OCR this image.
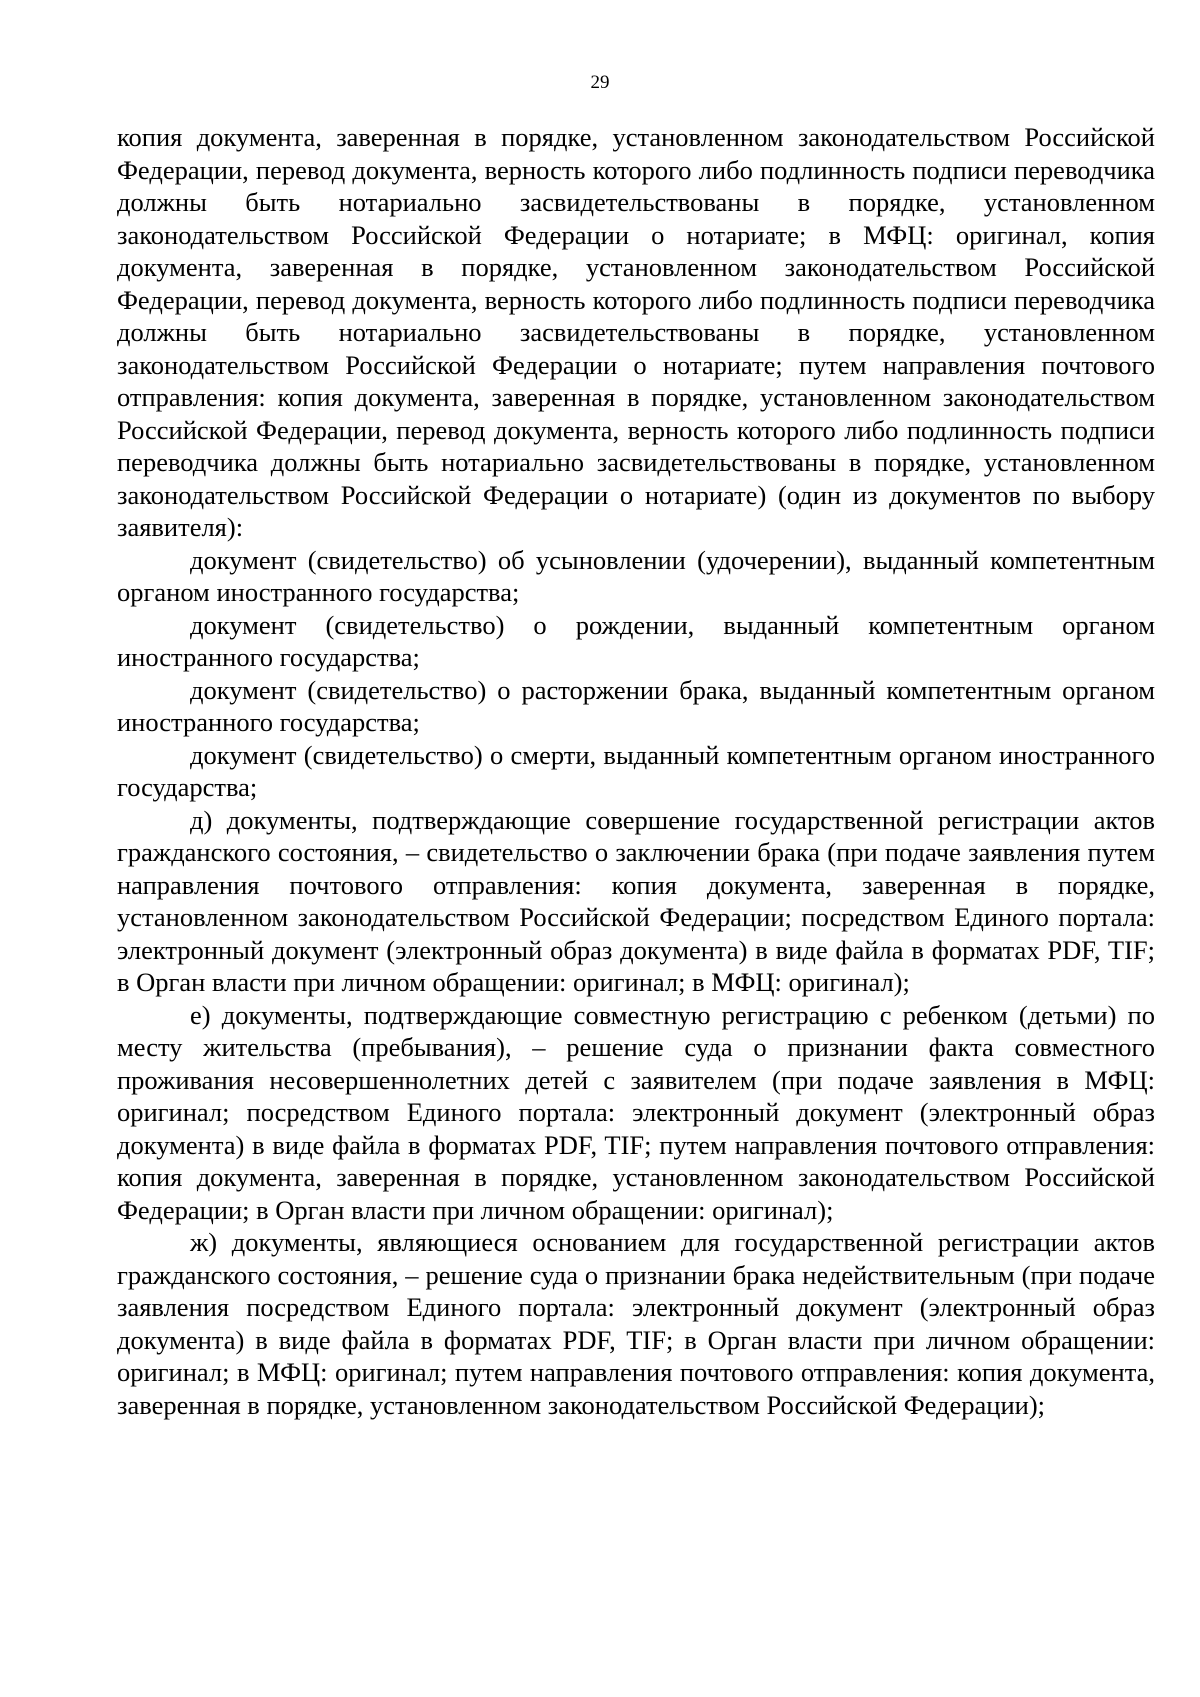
29

копия документа, заверенная в порядке, установленном законодательством Российской Федерации, перевод документа, верность которого либо подлинность подписи переводчика должны быть нотариально засвидетельствованы в порядке, установленном законодательством Российской Федерации о нотариате; в МФЦ: оригинал, копия документа, заверенная в порядке, установленном законодательством Российской Федерации, перевод документа, верность которого либо подлинность подписи переводчика должны быть нотариально засвидетельствованы в порядке, установленном законодательством Российской Федерации о нотариате; путем направления почтового отправления: копия документа, заверенная в порядке, установленном законодательством Российской Федерации, перевод документа, верность которого либо подлинность подписи переводчика должны быть нотариально засвидетельствованы в порядке, установленном законодательством Российской Федерации о нотариате) (один из документов по выбору заявителя):

документ (свидетельство) об усыновлении (удочерении), выданный компетентным органом иностранного государства;

документ (свидетельство) о рождении, выданный компетентным органом иностранного государства;

документ (свидетельство) о расторжении брака, выданный компетентным органом иностранного государства;

документ (свидетельство) о смерти, выданный компетентным органом иностранного государства;

д) документы, подтверждающие совершение государственной регистрации актов гражданского состояния, – свидетельство о заключении брака (при подаче заявления путем направления почтового отправления: копия документа, заверенная в порядке, установленном законодательством Российской Федерации; посредством Единого портала: электронный документ (электронный образ документа) в виде файла в форматах PDF, TIF; в Орган власти при личном обращении: оригинал; в МФЦ: оригинал);

е) документы, подтверждающие совместную регистрацию с ребенком (детьми) по месту жительства (пребывания), – решение суда о признании факта совместного проживания несовершеннолетних детей с заявителем (при подаче заявления в МФЦ: оригинал; посредством Единого портала: электронный документ (электронный образ документа) в виде файла в форматах PDF, TIF; путем направления почтового отправления: копия документа, заверенная в порядке, установленном законодательством Российской Федерации; в Орган власти при личном обращении: оригинал);

ж) документы, являющиеся основанием для государственной регистрации актов гражданского состояния, – решение суда о признании брака недействительным (при подаче заявления посредством Единого портала: электронный документ (электронный образ документа) в виде файла в форматах PDF, TIF; в Орган власти при личном обращении: оригинал; в МФЦ: оригинал; путем направления почтового отправления: копия документа, заверенная в порядке, установленном законодательством Российской Федерации);
